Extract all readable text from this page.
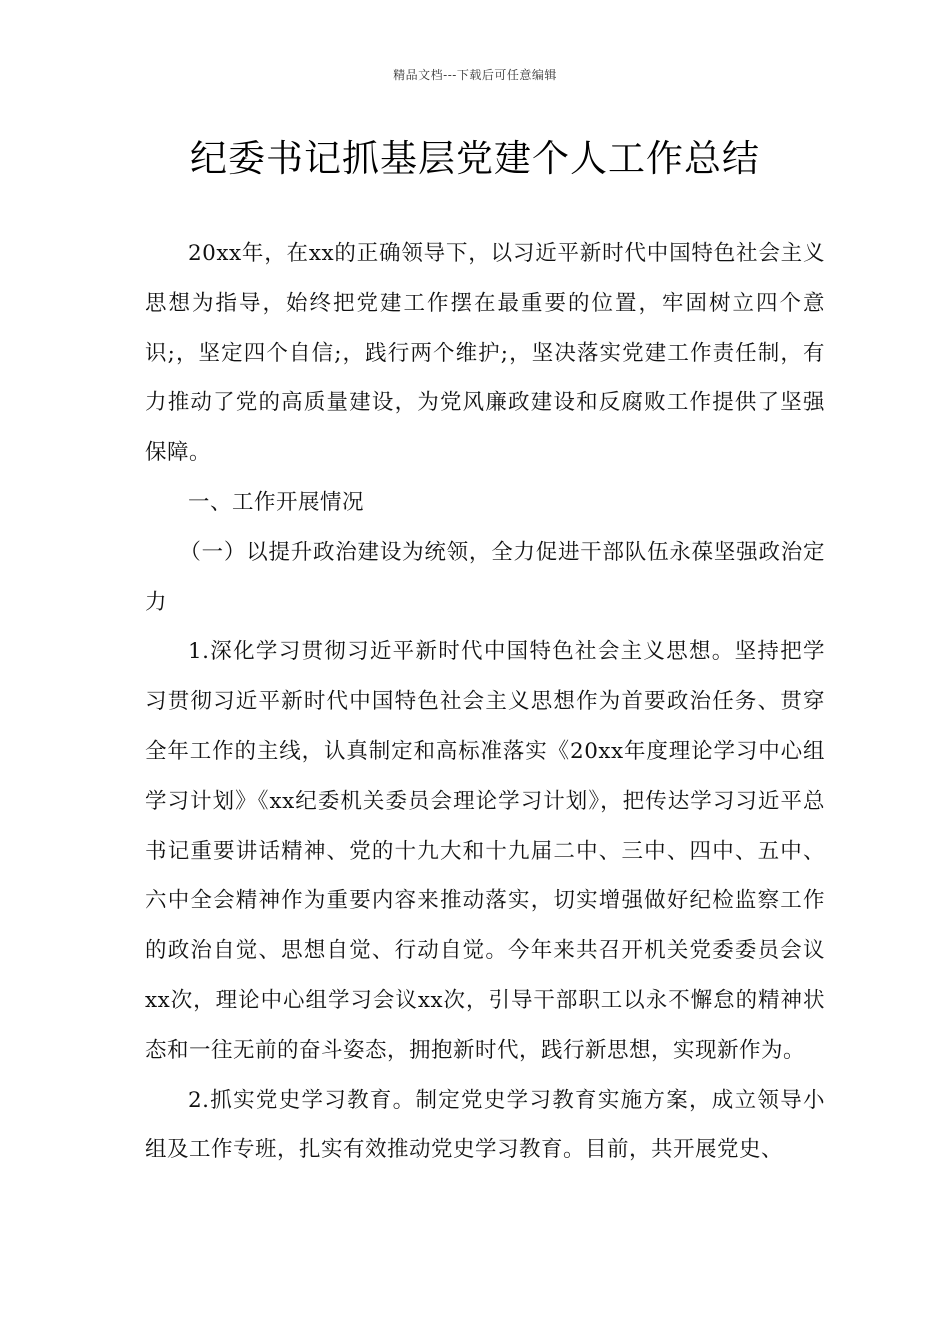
精品文档---下载后可任意编辑
纪委书记抓基层党建个人工作总结

20xx年，在xx的正确领导下，以习近平新时代中国特色社会主义思想为指导，始终把党建工作摆在最重要的位置，牢固树立四个意识;，坚定四个自信;，践行两个维护;，坚决落实党建工作责任制，有力推动了党的高质量建设，为党风廉政建设和反腐败工作提供了坚强保障。

一、工作开展情况

（一）以提升政治建设为统领，全力促进干部队伍永葆坚强政治定力

1.深化学习贯彻习近平新时代中国特色社会主义思想。坚持把学习贯彻习近平新时代中国特色社会主义思想作为首要政治任务、贯穿全年工作的主线，认真制定和高标准落实《20xx年度理论学习中心组学习计划》《xx纪委机关委员会理论学习计划》，把传达学习习近平总书记重要讲话精神、党的十九大和十九届二中、三中、四中、五中、六中全会精神作为重要内容来推动落实，切实增强做好纪检监察工作的政治自觉、思想自觉、行动自觉。今年来共召开机关党委委员会议xx次，理论中心组学习会议xx次，引导干部职工以永不懈怠的精神状态和一往无前的奋斗姿态，拥抱新时代，践行新思想，实现新作为。

2.抓实党史学习教育。制定党史学习教育实施方案，成立领导小组及工作专班，扎实有效推动党史学习教育。目前，共开展党史、
